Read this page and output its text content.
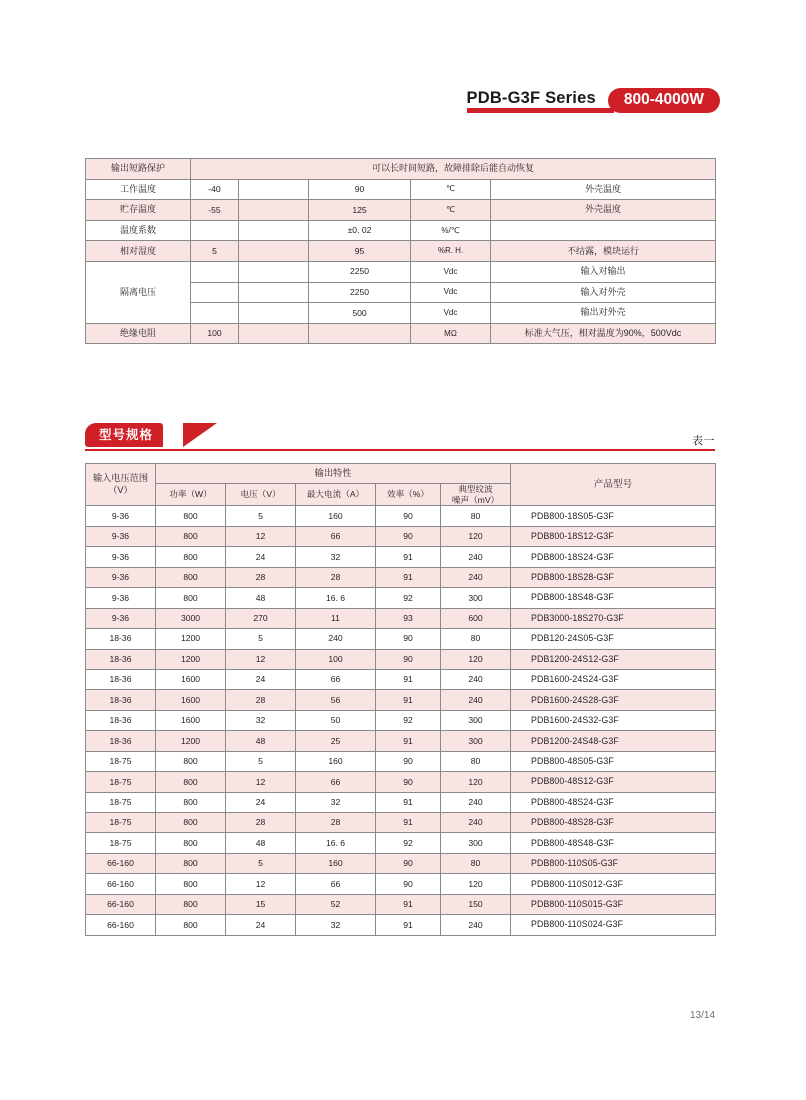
PDB-G3F Series	800-4000W
输出短路保护	可以长时间短路，故障排除后能自动恢复				
工作温度	-40		90	℃	外壳温度
贮存温度	-55		125	℃	外壳温度
温度系数			±0. 02	%/℃	
相对湿度	5		95	%R. H.	不结露，模块运行
隔离电压			2250	Vdc	输入对输出
			2250	Vdc	输入对外壳
			500	Vdc	输出对外壳
绝缘电阻	100			MΩ	标准大气压，相对温度为90%，500Vdc
型号规格	表一
输入电压范围
（V）	输出特性					产品型号
	功率（W）	电压（V）	最大电流（A）	效率（%）	典型纹波
噪声（mV）	

9-36	800	5	160	90	80	PDB800-18S05-G3F
9-36	800	12	66	90	120	PDB800-18S12-G3F
9-36	800	24	32	91	240	PDB800-18S24-G3F
9-36	800	28	28	91	240	PDB800-18S28-G3F
9-36	800	48	16. 6	92	300	PDB800-18S48-G3F
9-36	3000	270	11	93	600	PDB3000-18S270-G3F
18-36	1200	5	240	90	80	PDB120-24S05-G3F
18-36	1200	12	100	90	120	PDB1200-24S12-G3F
18-36	1600	24	66	91	240	PDB1600-24S24-G3F
18-36	1600	28	56	91	240	PDB1600-24S28-G3F
18-36	1600	32	50	92	300	PDB1600-24S32-G3F
18-36	1200	48	25	91	300	PDB1200-24S48-G3F
18-75	800	5	160	90	80	PDB800-48S05-G3F
18-75	800	12	66	90	120	PDB800-48S12-G3F
18-75	800	24	32	91	240	PDB800-48S24-G3F
18-75	800	28	28	91	240	PDB800-48S28-G3F
18-75	800	48	16. 6	92	300	PDB800-48S48-G3F
66-160	800	5	160	90	80	PDB800-110S05-G3F
66-160	800	12	66	90	120	PDB800-110S012-G3F
66-160	800	15	52	91	150	PDB800-110S015-G3F
66-160	800	24	32	91	240	PDB800-110S024-G3F
13/14
